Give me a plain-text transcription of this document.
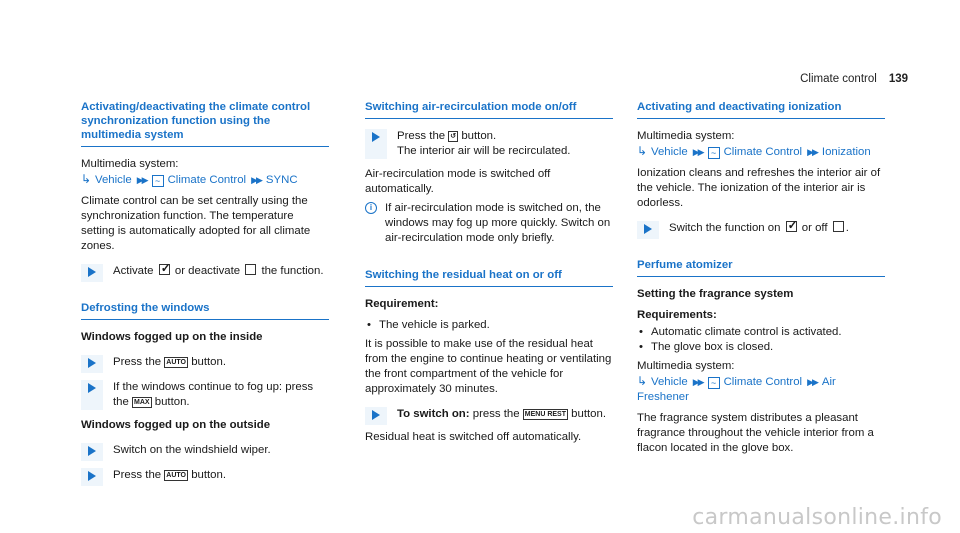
Climate control 139
Activating/deactivating the climate control synchronization function using the multimedia system

Multimedia system:

↳ Vehicle ▶▶ ~ Climate Control ▶▶ SYNC

Climate control can be set centrally using the synchronization function. The temperature setting is automatically adopted for all climate zones.

Activate ✓ or deactivate the function.
Defrosting the windows

Windows fogged up on the inside

Press the AUTO button.
If the windows continue to fog up: press the MAX button.

Windows fogged up on the outside

Switch on the windshield wiper.
Press the AUTO button.
Switching air-recirculation mode on/off
Press the ↺ button.
The interior air will be recirculated.

Air-recirculation mode is switched off automatically.

i	If air-recirculation mode is switched on, the windows may fog up more quickly. Switch on air-recirculation mode only briefly.
Switching the residual heat on or off

Requirement:

• The vehicle is parked.

It is possible to make use of the residual heat from the engine to continue heating or ventilating the front compartment of the vehicle for approximately 30 minutes.

To switch on: press the MENU REST button.

Residual heat is switched off automatically.

Activating and deactivating ionization

Multimedia system:

↳ Vehicle ▶▶ ~ Climate Control ▶▶ Ionization

Ionization cleans and refreshes the interior air of the vehicle. The ionization of the interior air is odorless.

Switch the function on ✓ or off .
Perfume atomizer

Setting the fragrance system

Requirements:

• Automatic climate control is activated.

• The glove box is closed.

Multimedia system:

↳ Vehicle ▶▶ ~ Climate Control ▶▶ Air Freshener

The fragrance system distributes a pleasant fragrance throughout the vehicle interior from a flacon located in the glove box.

carmanualsonline.info
